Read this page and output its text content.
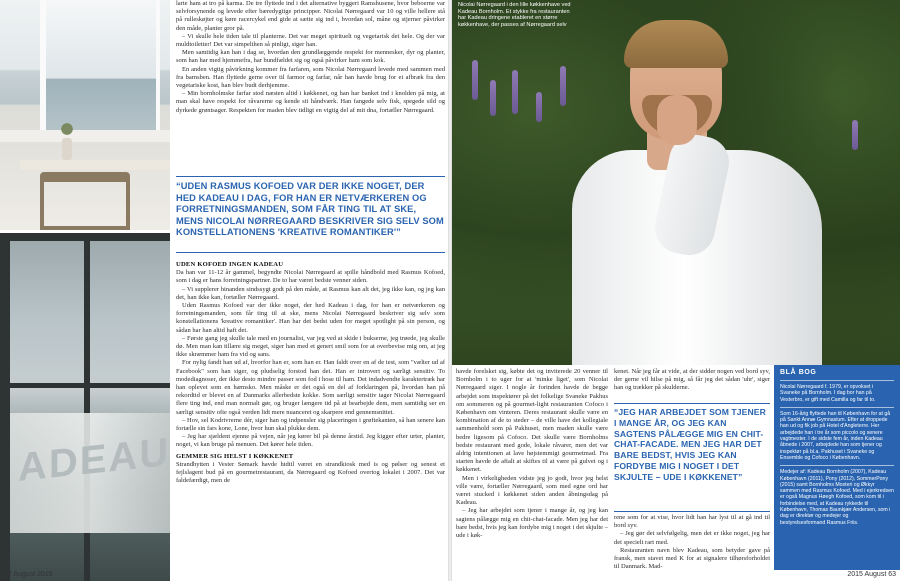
ADEAU

larte ham at tro på karma. De tre flyttede ind i det alternative byggeri Ramshusene, hvor beboerne var selvforsynende og levede efter bæredygtige principper. Nicolai Nørregaard var 10 og ville hellere stå på rulleskøjter og køre racercykel end gide at sætte sig ind i, hvordan sol, måne og stjerner påvirker den måde, planter gror på.

– Vi skulle hele tiden tale til planterne. Det var meget spirituelt og vegetarisk det hele. Og der var muldtoiletter! Det var simpelthen så pinligt, siger han.

Men samtidig kan han i dag se, hvordan den grundlæggende respekt for mennesker, dyr og planter, som han har med hjemmefra, har bundfældet sig og også påvirker ham som kok.

En anden vigtig påvirkning kommer fra farfaren, som Nicolai Nørregaard levede med sammen med fra barnsben. Han flyttede gerne over til farmor og farfar, når han havde brug for et afbræk fra den vegetariske kost, han blev budt derhjemme.

– Min bornholmske farfar stod næsten altid i køkkenet, og han har banket ind i knolden på mig, at man skal have respekt for råvarerne og kende sit håndværk. Han fangede selv fisk, spegede sild og dyrkede grøntsager. Respekten for maden blev tidligt en vigtig del af mit dna, fortæller Nørregaard.

“UDEN RASMUS KOFOED VAR DER IKKE NOGET, DER HED KADEAU I DAG, FOR HAN ER NETVÆRKEREN OG FORRETNINGSMANDEN, SOM FÅR TING TIL AT SKE, MENS NICOLAI NØRREGAARD BESKRIVER SIG SELV SOM KONSTELLATIONENS 'KREATIVE ROMANTIKER'”
UDEN KOFOED INGEN KADEAU

Da han var 11-12 år gammel, begyndte Nicolai Nørregaard at spille håndbold med Rasmus Kofoed, som i dag er hans forretningspartner. De to har været bedste venner siden.

– Vi supplerer hinanden sindssygt godt på den måde, at Rasmus kan alt det, jeg ikke kan, og jeg kan det, han ikke kan, fortæller Nørregaard.

Uden Rasmus Kofoed var der ikke noget, der hed Kadeau i dag, for han er netværkeren og forretningsmanden, som får ting til at ske, mens Nicolai Nørregaard beskriver sig selv som konstellationens 'kreative romantiker'. Han har det bedst uden for meget spotlight på sin person, og sådan har han altid haft det.

– Første gang jeg skulle tale med en journalist, var jeg ved at skide i bukserne, jeg trøede, jeg skulle dø. Men man kan tillære sig meget, siger han med et genert smil som for at overbevise mig om, at jeg ikke skræmmer ham fra vid og sans.

For nylig fandt han ud af, hvorfor han er, som han er. Han faldt over en af de test, som "vælter ud af Facebook" som han siger, og pludselig forstod han det. Han er introvert og særligt sensitiv. To modediagnoser, der ikke desto mindre passer som fod i hose til ham. Det indadvendte karaktertræk har han oplevet som en hæmsko. Men måske er det også en del af forklaringen på, hvordan han på rekordtid er blevet en af Danmarks allerbedste kokke. Som særligt sensitiv tager Nicolai Nørregaard flere ting ind, end man normalt gør, og bruger længere tid på at bearbejde dem, men samtidig ser en særligt sensitiv ofte også verden lidt mere nuanceret og skarpere end gennemsnittet.

– Hov, sel Kodrivrerne dér, siger han og indpensler sig placeringen i grøftekanten, så han senere kan fortælle sin fars kone, Lone, hvor hun skal plukke dem.

– Jeg har sjældent ejenne på vejen, når jeg kører bil på denne årstid. Jeg kigger efter urter, planter, noget, vi kan bruge på menuen. Det kører hele tiden.

GEMMER SIG HELST I KØKKENET

Strandhytten i Vester Sømark havde hidtil været en strandkiosk med is og pølser og senest et fejlslagent bud på en gourmetrestaurant, da Nørregaard og Kofoed overtog lokalet i 2007. Det var faldefærdigt, men de

62 August 2015
Nicolai Nørregaard i den lille køkkenhave ved Kadeau Bornholm. Et stykke fra restauranten har Kadeau dringene etableret en større køkkenhave, der passes af Nørregaard selv

havde forelsket sig, købte det og inviterede 20 venner til Bornholm i to uger for at 'minke liget', som Nicolai Nørregaard siger. I nogle år forinden havde de begge arbejdet som inspektører på det folkelige Svaneke Pakhus om sommeren og på gourmet-light restauranten Cofoco i København om vinteren. Deres restaurant skulle være en kombination af de to steder – de ville have det kollegiale sammenhold som på Pakhuset, men maden skulle være bedre ligesom på Cofoco. Det skulle være Bornholms bedste restaurant med gode, lokale råvarer, men det var aldrig intentionen at lave højstemmigt gourmetmad. Fra starten havde de aftalt at skiftes til at være på gulvet og i køkkenet.

Men i virkeligheden vidste jeg jo godt, hvor jeg helst ville være, fortæller Nørregaard, som med egne ord har været stucked i køkkenet siden anden åbningsdag på Kadeau.

– Jeg har arbejdet som tjener i mange år, og jeg kan sagtens pålægge mig en chit-chat-facade. Men jeg har det bare bedst, hvis jeg kan fordybe mig i noget i det skjulte – ude i køk-

kenet. Når jeg får at vide, at der sidder nogen ved bord syv, der gerne vil hilse på mig, så får jeg det sådan 'uhr', siger han og trækker på skulderne.

“JEG HAR ARBEJDET SOM TJENER I MANGE ÅR, OG JEG KAN SAGTENS PÅLÆGGE MIG EN CHIT-CHAT-FACADE. MEN JEG HAR DET BARE BEDST, HVIS JEG KAN FORDYBE MIG I NOGET I DET SKJULTE – UDE I KØKKENET”

rene som for at vise, hvor lidt han har lyst til at gå ind til bord syv.

– Jeg gør det selvfølgelig, men det er ikke noget, jeg har det specielt rart med.

Restauranten navn blev Kadeau, som betyder gave på fransk, men stavet med K for at signalere tilhørsforholdet til Danmark. Mad-

BLÅ BOG

Nicolai Nørregaard f. 1979, er opvokset i Svaneke på Bornholm. I dag bor han på Vesterbro, er gift med Camilla og far til to.

Som 16-årig flyttede han til København for at gå på Sankt Annæ Gymnasium. Efter at droppede han ud og fik job på Hotel d'Angleterre. Her arbejdede han i tre år som piccolo og senere vagtmester. I de sidste fem år, inden Kadeau åbnede i 2007, arbejdede han som tjener og inspektør på bl.a. Pakhuset i Svaneke og Ensemble og Cofoco i København.

Medejer af: Kadeau Bornholm (2007), Kadeau København (2011), Pony (2012), SommerPony (2015) samt Bornholms Mosteri og Økkyr sammen med Rasmus Kofoed. Med i ejerkredsen er også Magnus Høegh Kofoed, som kom til i forbindelse med, at Kadeau rykkede til København, Thomas Baunkjær Andersen, som i dag er direktør og medejer og bestyrelsesformand Rasmus Friis.

2015 August 63
